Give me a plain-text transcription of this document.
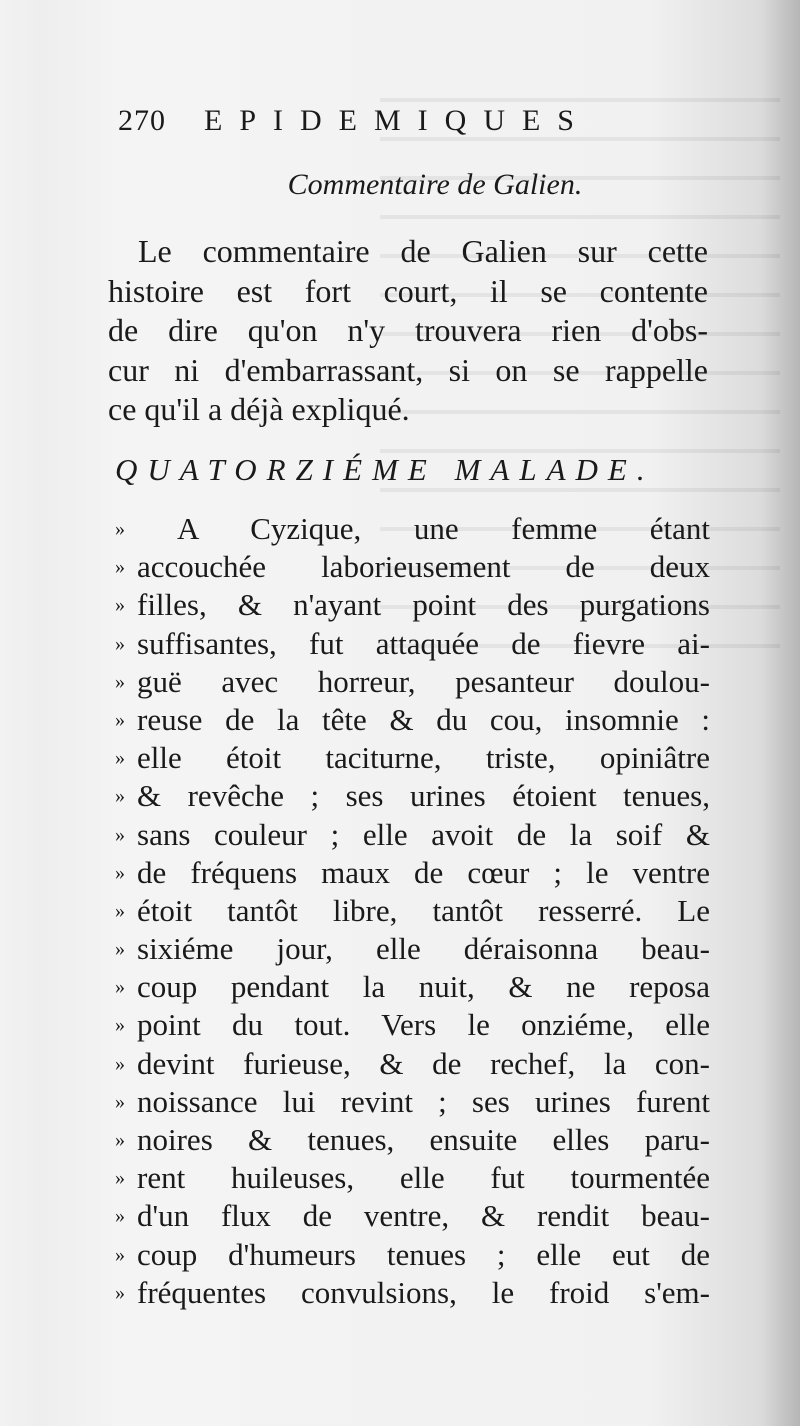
270 EPIDEMIQUES
Commentaire de Galien.
Le commentaire de Galien sur cette
histoire est fort court, il se contente
de dire qu'on n'y trouvera rien d'obs-
cur ni d'embarrassant, si on se rappelle
ce qu'il a déjà expliqué.
QUATORZIÉME MALADE.
» A Cyzique, une femme étant
» accouchée laborieusement de deux
» filles, & n'ayant point des purgations
» suffisantes, fut attaquée de fievre ai-
» guë avec horreur, pesanteur doulou-
» reuse de la tête & du cou, insomnie :
» elle étoit taciturne, triste, opiniâtre
» & revêche ; ses urines étoient tenues,
» sans couleur ; elle avoit de la soif &
» de fréquens maux de cœur ; le ventre
» étoit tantôt libre, tantôt resserré. Le
» sixiéme jour, elle déraisonna beau-
» coup pendant la nuit, & ne reposa
» point du tout. Vers le onziéme, elle
» devint furieuse, & de rechef, la con-
» noissance lui revint ; ses urines furent
» noires & tenues, ensuite elles paru-
» rent huileuses, elle fut tourmentée
» d'un flux de ventre, & rendit beau-
» coup d'humeurs tenues ; elle eut de
» fréquentes convulsions, le froid s'em-
